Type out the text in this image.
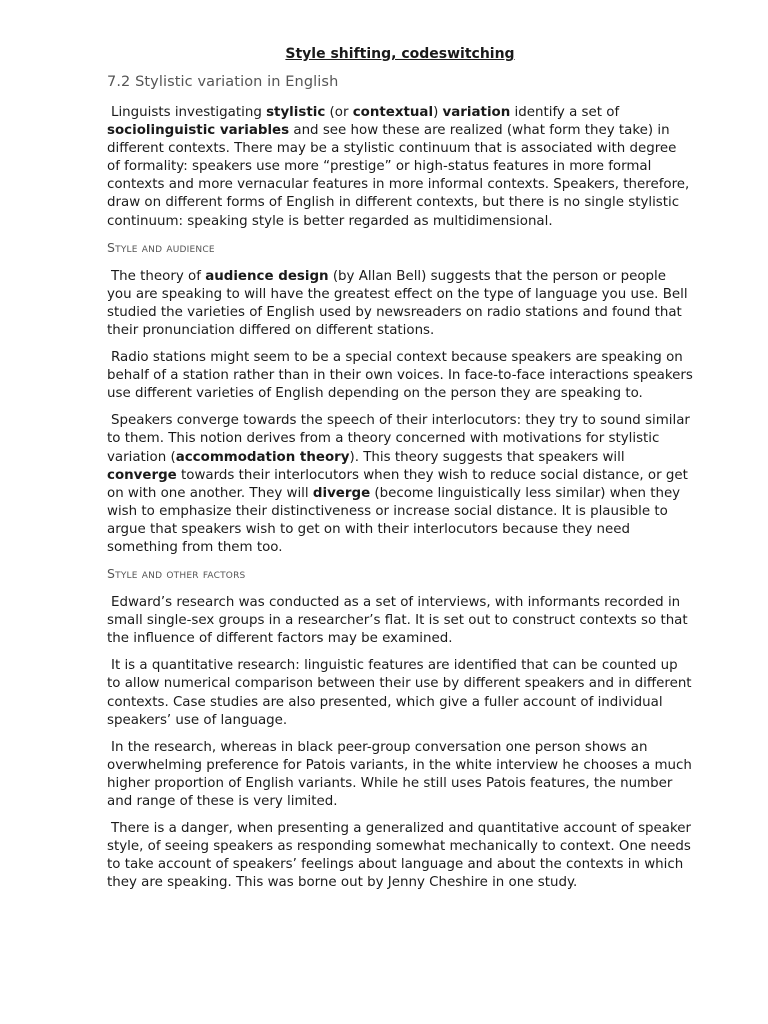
Style shifting, codeswitching
7.2 Stylistic variation in English

Linguists investigating stylistic (or contextual) variation identify a set of sociolinguistic variables and see how these are realized (what form they take) in different contexts. There may be a stylistic continuum that is associated with degree of formality: speakers use more “prestige” or high-status features in more formal contexts and more vernacular features in more informal contexts. Speakers, therefore, draw on different forms of English in different contexts, but there is no single stylistic continuum: speaking style is better regarded as multidimensional.

Style and audience

The theory of audience design (by Allan Bell) suggests that the person or people you are speaking to will have the greatest effect on the type of language you use. Bell studied the varieties of English used by newsreaders on radio stations and found that their pronunciation differed on different stations.

Radio stations might seem to be a special context because speakers are speaking on behalf of a station rather than in their own voices. In face-to-face interactions speakers use different varieties of English depending on the person they are speaking to.

Speakers converge towards the speech of their interlocutors: they try to sound similar to them. This notion derives from a theory concerned with motivations for stylistic variation (accommodation theory). This theory suggests that speakers will converge towards their interlocutors when they wish to reduce social distance, or get on with one another. They will diverge (become linguistically less similar) when they wish to emphasize their distinctiveness or increase social distance. It is plausible to argue that speakers wish to get on with their interlocutors because they need something from them too.

Style and other factors

Edward’s research was conducted as a set of interviews, with informants recorded in small single-sex groups in a researcher’s flat. It is set out to construct contexts so that the influence of different factors may be examined.

It is a quantitative research: linguistic features are identified that can be counted up to allow numerical comparison between their use by different speakers and in different contexts. Case studies are also presented, which give a fuller account of individual speakers’ use of language.

In the research, whereas in black peer-group conversation one person shows an overwhelming preference for Patois variants, in the white interview he chooses a much higher proportion of English variants. While he still uses Patois features, the number and range of these is very limited.

There is a danger, when presenting a generalized and quantitative account of speaker style, of seeing speakers as responding somewhat mechanically to context. One needs to take account of speakers’ feelings about language and about the contexts in which they are speaking. This was borne out by Jenny Cheshire in one study.
